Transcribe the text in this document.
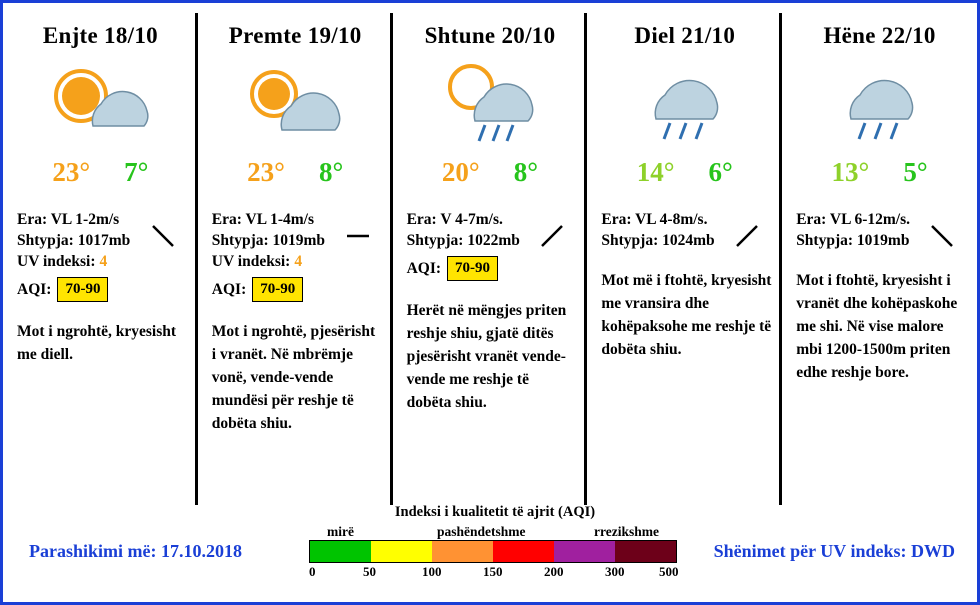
Enjte 18/10
23° 7°
Era: VL 1-2m/s
Shtypja: 1017mb
UV indeksi: 4
AQI: 70-90
Mot i ngrohtë, kryesisht me diell.
Premte 19/10
23° 8°
Era: VL 1-4m/s
Shtypja: 1019mb
UV indeksi: 4
AQI: 70-90
Mot i ngrohtë, pjesërisht i vranët. Në mbrëmje vonë, vende-vende mundësi për reshje të dobëta shiu.
Shtune 20/10
20° 8°
Era: V 4-7m/s.
Shtypja: 1022mb
AQI: 70-90
Herët në mëngjes priten reshje shiu, gjatë ditës pjesërisht vranët vende-vende me reshje të dobëta shiu.
Diel 21/10
14° 6°
Era: VL 4-8m/s.
Shtypja: 1024mb
Mot më i ftohtë, kryesisht me vransira dhe kohëpaksohe me reshje të dobëta shiu.
Hëne 22/10
13° 5°
Era: VL 6-12m/s.
Shtypja: 1019mb
Mot i ftohtë, kryesisht i vranët dhe kohëpaskohe me shi. Në vise malore mbi 1200-1500m priten edhe reshje bore.
Parashikimi më: 17.10.2018	Shënimet për UV indeks: DWD
Indeksi i kualitetit të ajrit (AQI)
mirë	pashëndetshme	rrezikshme
0	50	100	150	200	300	500
